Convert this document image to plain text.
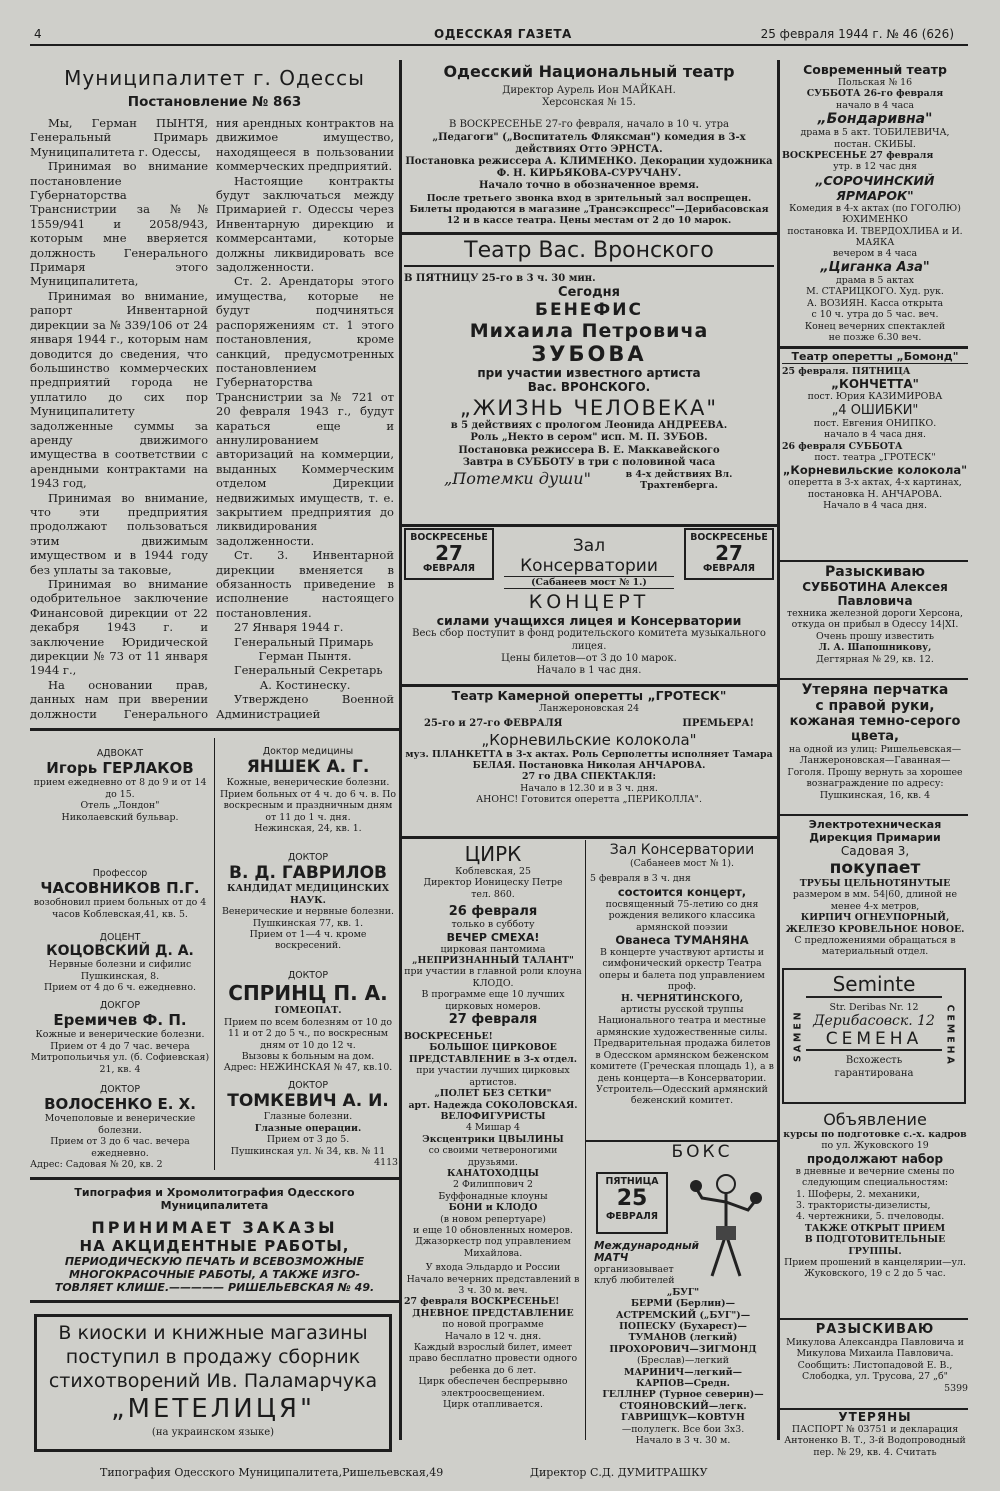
4	ОДЕССКАЯ ГАЗЕТА	25 февраля 1944 г. № 46 (626)
Муниципалитет г. Одессы
Постановление № 863

Мы, Герман ПЫНТЯ, Генеральный Примарь Муниципалитета г. Одессы,

Принимая во внимание постановление Губернаторства Транснистрии за №№ 1559/941 и 2058/943, которым мне вверяется должность Генерального Примаря этого Муниципалитета,

Принимая во внимание, рапорт Инвентарной дирекции за № 339/106 от 24 января 1944 г., которым нам доводится до сведения, что большинство коммерческих предприятий города не уплатило до сих пор Муниципалитету задолженные суммы за аренду движимого имущества в соответствии с арендными контрактами на 1943 год,

Принимая во внимание, что эти предприятия продолжают пользоваться этим движимым имуществом и в 1944 году без уплаты за таковые,

Принимая во внимание одобрительное заключение Финансовой дирекции от 22 декабря 1943 г. и заключение Юридической дирекции № 73 от 11 января 1944 г.,

На основании прав, данных нам при вверении должности Генерального

ния арендных контрактов на движимое имущество, находящееся в пользовании коммерческих предприятий.

Настоящие контракты будут заключаться между Примарией г. Одессы через Инвентарную дирекцию и коммерсантами, которые должны ликвидировать все задолженности.

Ст. 2. Арендаторы этого имущества, которые не будут подчиняться распоряжениям ст. 1 этого постановления, кроме санкций, предусмотренных постановлением Губернаторства Транснистрии за № 721 от 20 февраля 1943 г., будут караться еще и аннулированием авторизаций на коммерции, выданных Коммерческим отделом Дирекции недвижимых имуществ, т. е. закрытием предприятия до ликвидирования задолженности.

Ст. 3. Инвентарной дирекции вменяется в обязанность приведение в исполнение настоящего постановления.

27 Января 1944 г.

Генеральный Примарь

Герман Пынтя.

Генеральный Секретарь

А. Костинеску.

Утверждено Военной Администрацией

АДВОКАТ
Игорь ГЕРЛАКОВ
прием ежедневно от 8 до 9 и от 14 до 15.
Отель „Лондон"
Николаевский бульвар.
Доктор медицины
ЯНШЕК А. Г.
Кожные, венерические болезни. Прием больных от 4 ч. до 6 ч. в. По воскресным и праздничным дням от 11 до 1 ч. дня.
Нежинская, 24, кв. 1.
Профессор
ЧАСОВНИКОВ П.Г.
возобновил прием больных от до 4 часов Коблевская,41, кв. 5.
ДОКТОР
В. Д. ГАВРИЛОВ
КАНДИДАТ МЕДИЦИНСКИХ НАУК.
Венерические и нервные болезни.
Пушкинская 77, кв. 1.
Прием от 1—4 ч. кроме воскресений.
ДОЦЕНТ
КОЦОВСКИЙ Д. А.
Нервные болезни и сифилис
Пушкинская, 8.
Прием от 4 до 6 ч. ежедневно.
ДОКТОР
СПРИНЦ П. А.
ГОМЕОПАТ.
Прием по всем болезням от 10 до 11 и от 2 до 5 ч., по воскресным дням от 10 до 12 ч.
Вызовы к больным на дом.
Адрес: НЕЖИНСКАЯ № 47, кв.10.
ДОКГОР
Еремичев Ф. П.
Кожные и венерические болезни. Прием от 4 до 7 час. вечера Митропольичья ул. (б. Софиевская) 21, кв. 4
ДОКТОР
ТОМКЕВИЧ А. И.
Глазные болезни.
Глазные операции.
Прием от 3 до 5.
Пушкинская ул. № 34, кв. № 11
4113
ДОКТОР
ВОЛОСЕНКО Е. Х.
Мочеполовые и венерические болезни.
Прием от 3 до 6 час. вечера ежедневно.
Адрес: Садовая № 20, кв. 2
Типография и Хромолитография Одесского Муниципалитета
ПРИНИМАЕТ ЗАКАЗЫ
НА АКЦИДЕНТНЫЕ РАБОТЫ,
ПЕРИОДИЧЕСКУЮ ПЕЧАТЬ И ВСЕВОЗМОЖНЫЕ
МНОГОКРАСОЧНЫЕ РАБОТЫ, А ТАКЖЕ ИЗГО-
ТОВЛЯЕТ КЛИШЕ.————— РИШЕЛЬЕВСКАЯ № 49.
В киоски и книжные магазины
поступил в продажу сборник
стихотворений Ив. Паламарчука
„МЕТЕЛИЦЯ"
(на украинском языке)
Типография Одесского Муниципалитета,Ришельевская,49	Директор С.Д. ДУМИТРАШКУ
Одесский Национальный театр
Директор Аурель Ион МАЙКАН.
Херсонская № 15.
В ВОСКРЕСЕНЬЕ 27-го февраля, начало в 10 ч. утра
„Педагоги" („Воспитатель Фляксман") комедия в 3-х действиях Отто ЭРНСТА.
Постановка режиссера А. КЛИМЕНКО. Декорации художника Ф. Н. КИРЬЯКОВА-СУРУЧАНУ.
Начало точно в обозначенное время.
После третьего звонка вход в зрительный зал воспрещен. Билеты продаются в магазине „Трансэкспресс"—Дерибасовская 12 и в кассе театра. Цены местам от 2 до 10 марок.
Театр Вас. Вронского
В ПЯТНИЦУ 25-го в 3 ч. 30 мин.
Сегодня
БЕНЕФИС
Михаила Петровича
ЗУБОВА
при участии известного артиста
Вас. ВРОНСКОГО.
„ЖИЗНЬ ЧЕЛОВЕКА"
в 5 действиях с прологом Леонида АНДРЕЕВА.
Роль „Некто в сером" исп. М. П. ЗУБОВ.
Постановка режиссера В. Е. Маккавейского
Завтра в СУББОТУ в три с половиной часа
„Потемки души"	в 4-х действиях Вл. Трахтенберга.
ВОСКРЕСЕНЬЕ
27
ФЕВРАЛЯ
Зал Консерватории
(Сабанеев мост № 1.)
ВОСКРЕСЕНЬЕ
27
ФЕВРАЛЯ
КОНЦЕРТ
силами учащихся лицея и Консерватории
Весь сбор поступит в фонд родительского комитета музыкального лицея.
Цены билетов—от 3 до 10 марок.
Начало в 1 час дня.
Театр Камерной оперетты „ГРОТЕСК"
Ланжероновская 24
25-го и 27-го ФЕВРАЛЯ	ПРЕМЬЕРА!
„Корневильские колокола"
муз. ПЛАНКЕТТА в 3-х актах. Роль Серполетты исполняет Тамара БЕЛАЯ. Постановка Николая АНЧАРОВА.
27 го ДВА СПЕКТАКЛЯ:
Начало в 12.30 и в 3 ч. дня.
АНОНС! Готовится оперетта „ПЕРИКОЛЛА".
ЦИРК
Коблевская, 25
Директор Ионицеску Петре
тел. 860.
26 февраля
только в субботу
ВЕЧЕР СМЕХА!
цирковая пантомима
„НЕПРИЗНАННЫЙ ТАЛАНТ"
при участии в главной роли клоуна КЛОДО.
В программе еще 10 лучших цирковых номеров.
27 февраля
ВОСКРЕСЕНЬЕ!
БОЛЬШОЕ ЦИРКОВОЕ ПРЕДСТАВЛЕНИЕ в 3-х отдел.
при участии лучших цирковых артистов.
„ПОЛЕТ БЕЗ СЕТКИ"
арт. Надежда СОКОЛОВСКАЯ.
ВЕЛОФИГУРИСТЫ
4 Мишар 4
Эксцентрики ЦВЫЛИНЫ
со своими четвероногими друзьями.
КАНАТОХОДЦЫ
2 Филиппович 2
Буффонадные клоуны
БОНИ и КЛОДО
(в новом репертуаре)
и еще 10 обновленных номеров.
Джазоркестр под управлением Михайлова.
У входа Эльдардо и России
Начало вечерних представлений в 3 ч. 30 м. веч.
27 февраля ВОСКРЕСЕНЬЕ!
ДНЕВНОЕ ПРЕДСТАВЛЕНИЕ
по новой программе
Начало в 12 ч. дня.
Каждый взрослый билет, имеет право бесплатно провести одного ребенка до 6 лет.
Цирк обеспечен беспрерывно электроосвещением.
Цирк отапливается.
Зал Консерватории
(Сабанеев мост № 1).
5 февраля в 3 ч. дня
состоится концерт,
посвященный 75-летию со дня рождения великого классика армянской поэзии
Ованеса ТУМАНЯНА
В концерте участвуют артисты и симфонический оркестр Театра оперы и балета под управлением проф.
Н. ЧЕРНЯТИНСКОГО,
артисты русской труппы Национального театра и местные армянские художественные силы.
Предварительная продажа билетов в Одесском армянском беженском комитете (Греческая площадь 1), а в день концерта—в Консерватории.
Устроитель—Одесский армянский беженский комитет.
БОКС
ПЯТНИЦА
25
ФЕВРАЛЯ
Международный МАТЧ
организовывает клуб любителей
„БУГ"
БЕРМИ (Берлин)—
АСТРЕМСКИЙ („БУГ")—
ПОПЕСКУ (Бухарест)—
ТУМАНОВ (легкий)
ПРОХОРОВИЧ—ЗИГМОНД
(Бреслав)—легкий
МАРИНИЧ—легкий—
КАРПОВ—Средн.
ГЕЛЛНЕР (Турное северин)—
СТОЯНОВСКИЙ—легк.
ГАВРИЩУК—КОВТУН
—полулегк. Все бои 3х3.
Начало в 3 ч. 30 м.
Современный театр
Польская № 16
СУББОТА 26-го февраля
начало в 4 часа
„Бондаривна"
драма в 5 акт. ТОБИЛЕВИЧА,
постан. СКИБЫ.
ВОСКРЕСЕНЬЕ 27 февраля
утр. в 12 час дня
„СОРОЧИНСКИЙ ЯРМАРОК"
Комедия в 4-х актах (по ГОГОЛЮ) ЮХИМЕНКО
постановка И. ТВЕРДОХЛИБА и И. МАЯКА
вечером в 4 часа
„Циганка Аза"
драма в 5 актах
М. СТАРИЦКОГО. Худ. рук.
А. ВОЗИЯН. Касса открыта
с 10 ч. утра до 5 час. веч.
Конец вечерних спектаклей
не позже 6.30 веч.
Театр оперетты „Бомонд"
25 февраля. ПЯТНИЦА
„КОНЧЕТТА"
пост. Юрия КАЗИМИРОВА
„4 ОШИБКИ"
пост. Евгения ОНИПКО.
начало в 4 часа дня.
26 февраля СУББОТА
пост. театра „ГРОТЕСК"
„Корневильские колокола"
оперетта в 3-х актах, 4-х картинах, постановка Н. АНЧАРОВА.
Начало в 4 часа дня.
Разыскиваю
СУББОТИНА Алексея Павловича
техника железной дороги Херсона, откуда он прибыл в Одессу 14|XI. Очень прошу известить
Л. А. Шапошникову,
Дегтярная № 29, кв. 12.
Утеряна перчатка
с правой руки,
кожаная темно-серого
цвета,
на одной из улиц: Ришельевская—Ланжероновская—Гаванная—Гоголя. Прошу вернуть за хорошее вознаграждение по адресу: Пушкинская, 16, кв. 4
Электротехническая Дирекция Примарии
Садовая 3,
покупает
ТРУБЫ ЦЕЛЬНОТЯНУТЫЕ
размером в мм. 54|60, длиной не менее 4-х метров,
КИРПИЧ ОГНЕУПОРНЫЙ,
ЖЕЛЕЗО КРОВЕЛЬНОЕ НОВОЕ.
С предложениями обращаться в материальный отдел.
SAMEN	СЕМЕНА
Seminte
Str. Deribas Nr. 12
Дерибасовск. 12
СЕМЕНА
Всхожесть
гарантирована
Объявление
курсы по подготовке с.-х. кадров
по ул. Жуковского 19
продолжают набор
в дневные и вечерние смены по следующим специальностям:
1. Шоферы, 2. механики,
3. трактористы-дизелисты,
4. чертежники, 5. пчеловоды.
ТАКЖЕ ОТКРЫТ ПРИЕМ
В ПОДГОТОВИТЕЛЬНЫЕ
ГРУППЫ.
Прием прошений в канцелярии—ул. Жуковского, 19 с 2 до 5 час.
РАЗЫСКИВАЮ
Микулова Александра Павловича и Микулова Михаила Павловича. Сообщить: Листопадовой Е. В., Слободка, ул. Трусова, 27 „б"
5399
УТЕРЯНЫ
ПАСПОРТ № 03751 и декларация Антоненко В. Т., 3-й Водопроводный пер. № 29, кв. 4. Считать
